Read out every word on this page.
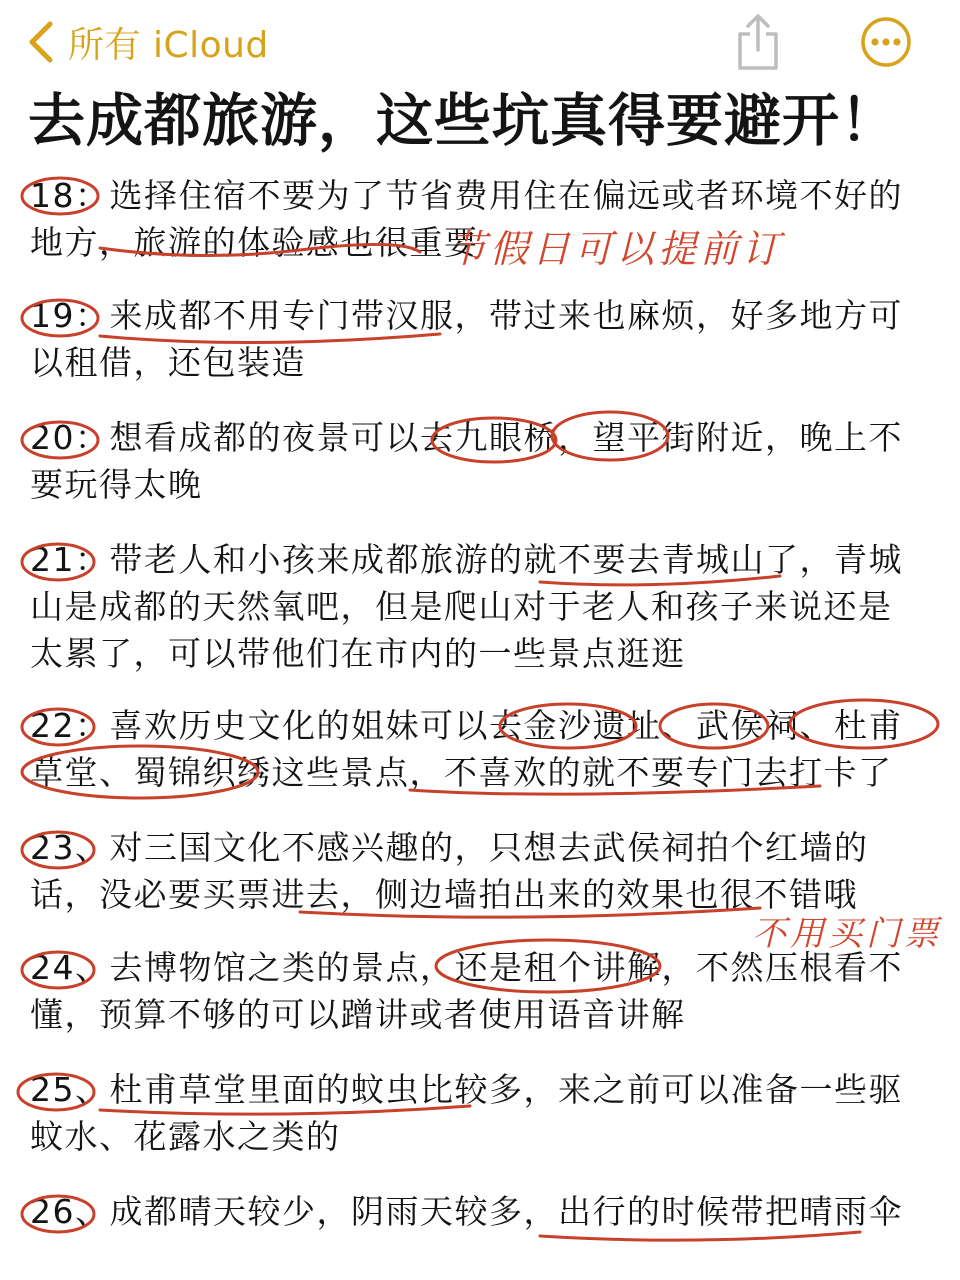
所有 iCloud
去成都旅游，这些坑真得要避开！
18：选择住宿不要为了节省费用住在偏远或者环境不好的地方，旅游的体验感也很重要
19：来成都不用专门带汉服，带过来也麻烦，好多地方可以租借，还包装造
20：想看成都的夜景可以去九眼桥，望平街附近，晚上不要玩得太晚
21：带老人和小孩来成都旅游的就不要去青城山了，青城山是成都的天然氧吧，但是爬山对于老人和孩子来说还是太累了，可以带他们在市内的一些景点逛逛
22：喜欢历史文化的姐妹可以去金沙遗址、武侯祠、杜甫草堂、蜀锦织绣这些景点，不喜欢的就不要专门去打卡了
23、对三国文化不感兴趣的，只想去武侯祠拍个红墙的话，没必要买票进去，侧边墙拍出来的效果也很不错哦
24、去博物馆之类的景点，还是租个讲解，不然压根看不懂，预算不够的可以蹭讲或者使用语音讲解
25、杜甫草堂里面的蚊虫比较多，来之前可以准备一些驱蚊水、花露水之类的
26、成都晴天较少，阴雨天较多，出行的时候带把晴雨伞
节假日可以提前订
不用买门票
